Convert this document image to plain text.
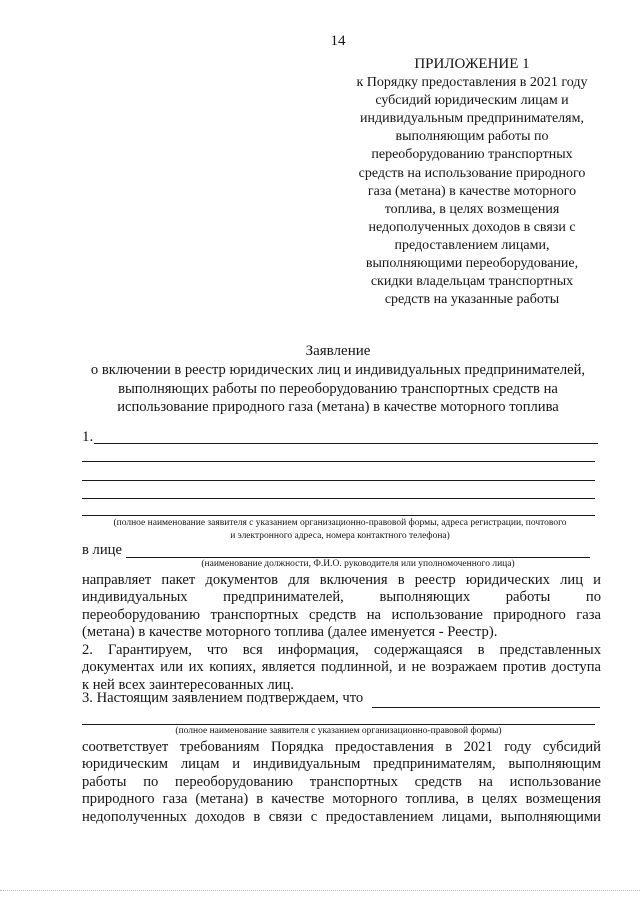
14
ПРИЛОЖЕНИЕ 1
к Порядку предоставления в 2021 году
субсидий юридическим лицам и
индивидуальным предпринимателям,
выполняющим работы по
переоборудованию транспортных
средств на использование природного
газа (метана) в качестве моторного
топлива, в целях возмещения
недополученных доходов в связи с
предоставлением лицами,
выполняющими переоборудование,
скидки владельцам транспортных
средств на указанные работы
Заявление
о включении в реестр юридических лиц и индивидуальных предпринимателей,
выполняющих работы по переоборудованию транспортных средств на
использование природного газа (метана) в качестве моторного топлива
1.
(полное наименование заявителя с указанием организационно-правовой формы, адреса регистрации, почтового
и электронного адреса, номера контактного телефона)
в лице
(наименование должности, Ф.И.О. руководителя или уполномоченного лица)
направляет пакет документов для включения в реестр юридических лиц и
индивидуальных предпринимателей, выполняющих работы по
переоборудованию транспортных средств на использование природного газа
(метана) в качестве моторного топлива (далее именуется - Реестр).
2. Гарантируем, что вся информация, содержащаяся в представленных
документах или их копиях, является подлинной, и не возражаем против доступа
к ней всех заинтересованных лиц.
3. Настоящим заявлением подтверждаем, что
(полное наименование заявителя с указанием организационно-правовой формы)
соответствует требованиям Порядка предоставления в 2021 году субсидий
юридическим лицам и индивидуальным предпринимателям, выполняющим
работы по переоборудованию транспортных средств на использование
природного газа (метана) в качестве моторного топлива, в целях возмещения
недополученных доходов в связи с предоставлением лицами, выполняющими
